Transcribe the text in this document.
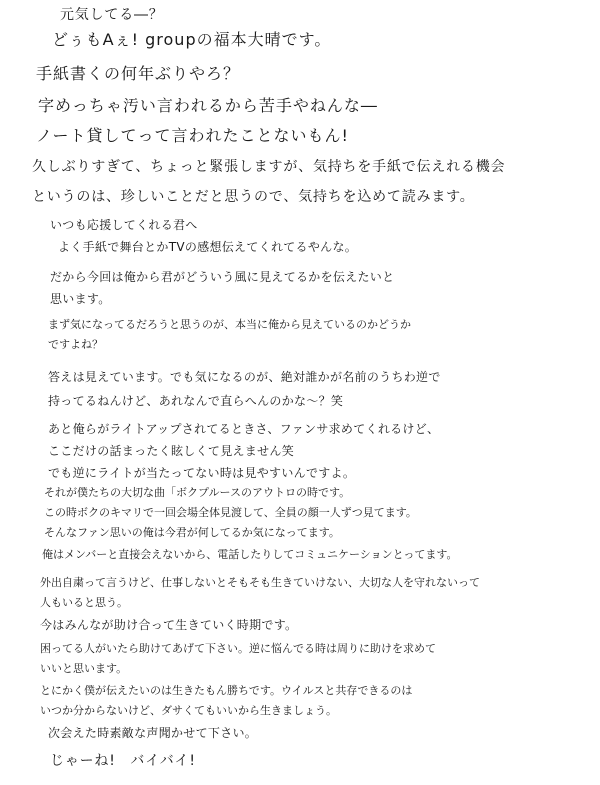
元気してる―？
どぅもAぇ! groupの福本大晴です。
手紙書くの何年ぶりやろ？
字めっちゃ汚い言われるから苦手やねんな―
ノート貸してって言われたことないもん!
久しぶりすぎて、ちょっと緊張しますが、気持ちを手紙で伝えれる機会
というのは、珍しいことだと思うので、気持ちを込めて読みます。
いつも応援してくれる君へ
よく手紙で舞台とかTVの感想伝えてくれてるやんな。
だから今回は俺から君がどういう風に見えてるかを伝えたいと
思います。
まず気になってるだろうと思うのが、本当に俺から見えているのかどうか
ですよね？
答えは見えています。でも気になるのが、絶対誰かが名前のうちわ逆で
持ってるねんけど、あれなんで直らへんのかな～？笑
あと俺らがライトアップされてるときさ、ファンサ求めてくれるけど、
ここだけの話まったく眩しくて見えません笑
でも逆にライトが当たってない時は見やすいんですよ。
それが僕たちの大切な曲「ボクプルースのアウトロの時です。
この時ボクのキマリで一回会場全体見渡して、全員の顔一人ずつ見てます。
そんなファン思いの俺は今君が何してるか気になってます。
俺はメンバーと直接会えないから、電話したりしてコミュニケーションとってます。
外出自粛って言うけど、仕事しないとそもそも生きていけない、大切な人を守れないって
人もいると思う。
今はみんなが助け合って生きていく時期です。
困ってる人がいたら助けてあげて下さい。逆に悩んでる時は周りに助けを求めて
いいと思います。
とにかく僕が伝えたいのは生きたもん勝ちです。ウイルスと共存できるのは
いつか分からないけど、ダサくてもいいから生きましょう。
次会えた時素敵な声聞かせて下さい。
じゃーね!　バイバイ!
